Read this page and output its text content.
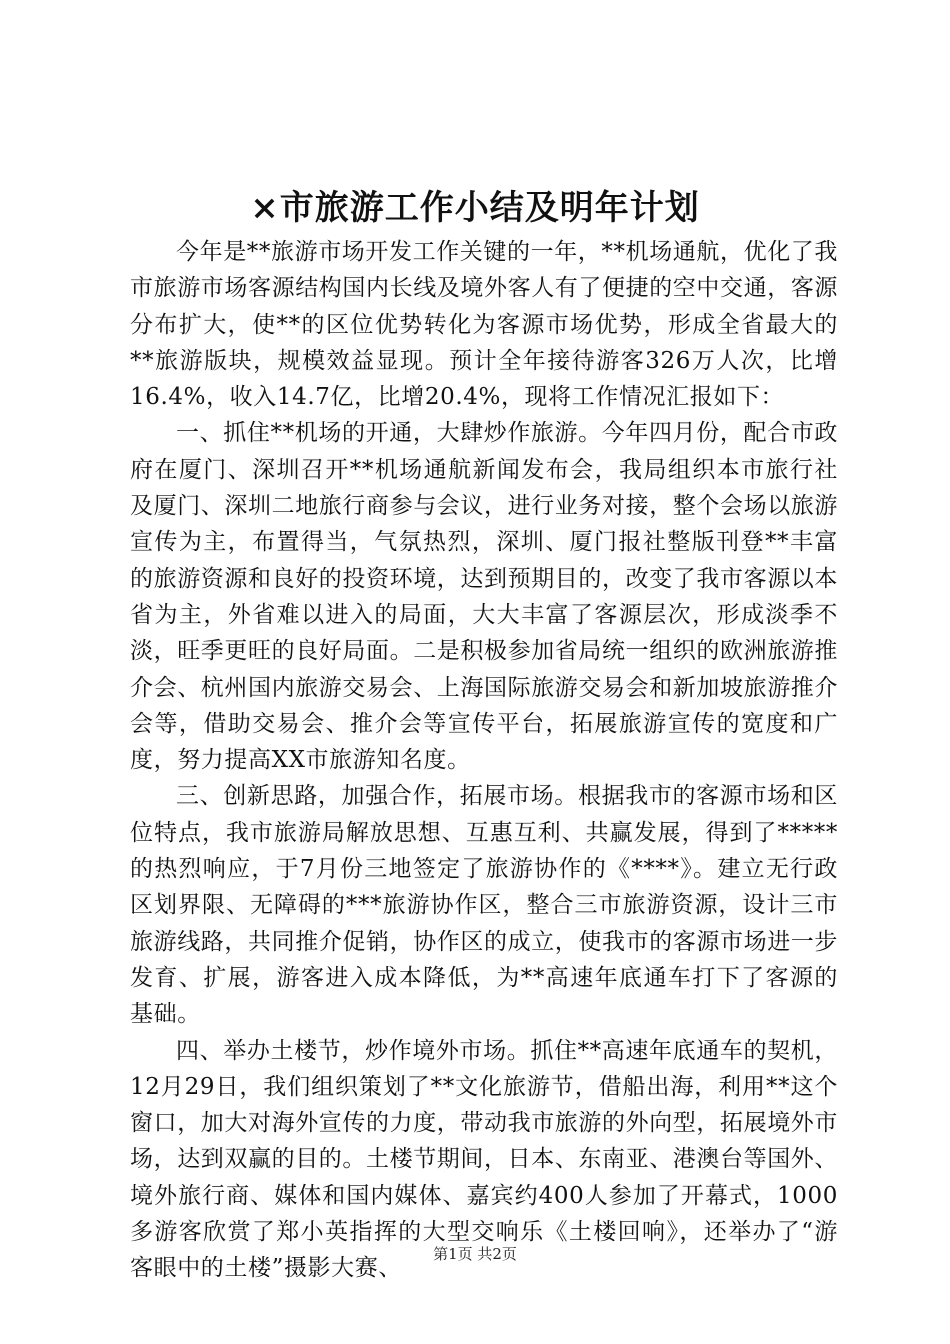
×市旅游工作小结及明年计划

今年是**旅游市场开发工作关键的一年，**机场通航，优化了我市旅游市场客源结构国内长线及境外客人有了便捷的空中交通，客源分布扩大，使**的区位优势转化为客源市场优势，形成全省最大的**旅游版块，规模效益显现。预计全年接待游客326万人次，比增16.4%，收入14.7亿，比增20.4%，现将工作情况汇报如下：

一、抓住**机场的开通，大肆炒作旅游。今年四月份，配合市政府在厦门、深圳召开**机场通航新闻发布会，我局组织本市旅行社及厦门、深圳二地旅行商参与会议，进行业务对接，整个会场以旅游宣传为主，布置得当，气氛热烈，深圳、厦门报社整版刊登**丰富的旅游资源和良好的投资环境，达到预期目的，改变了我市客源以本省为主，外省难以进入的局面，大大丰富了客源层次，形成淡季不淡，旺季更旺的良好局面。二是积极参加省局统一组织的欧洲旅游推介会、杭州国内旅游交易会、上海国际旅游交易会和新加坡旅游推介会等，借助交易会、推介会等宣传平台，拓展旅游宣传的宽度和广度，努力提高XX市旅游知名度。

三、创新思路，加强合作，拓展市场。根据我市的客源市场和区位特点，我市旅游局解放思想、互惠互利、共赢发展，得到了*****的热烈响应，于7月份三地签定了旅游协作的《****》。建立无行政区划界限、无障碍的***旅游协作区，整合三市旅游资源，设计三市旅游线路，共同推介促销，协作区的成立，使我市的客源市场进一步发育、扩展，游客进入成本降低，为**高速年底通车打下了客源的基础。

四、举办土楼节，炒作境外市场。抓住**高速年底通车的契机，12月29日，我们组织策划了**文化旅游节，借船出海，利用**这个窗口，加大对海外宣传的力度，带动我市旅游的外向型，拓展境外市场，达到双赢的目的。土楼节期间，日本、东南亚、港澳台等国外、境外旅行商、媒体和国内媒体、嘉宾约400人参加了开幕式，1000多游客欣赏了郑小英指挥的大型交响乐《土楼回响》，还举办了“游客眼中的土楼”摄影大赛、

第1页 共2页
